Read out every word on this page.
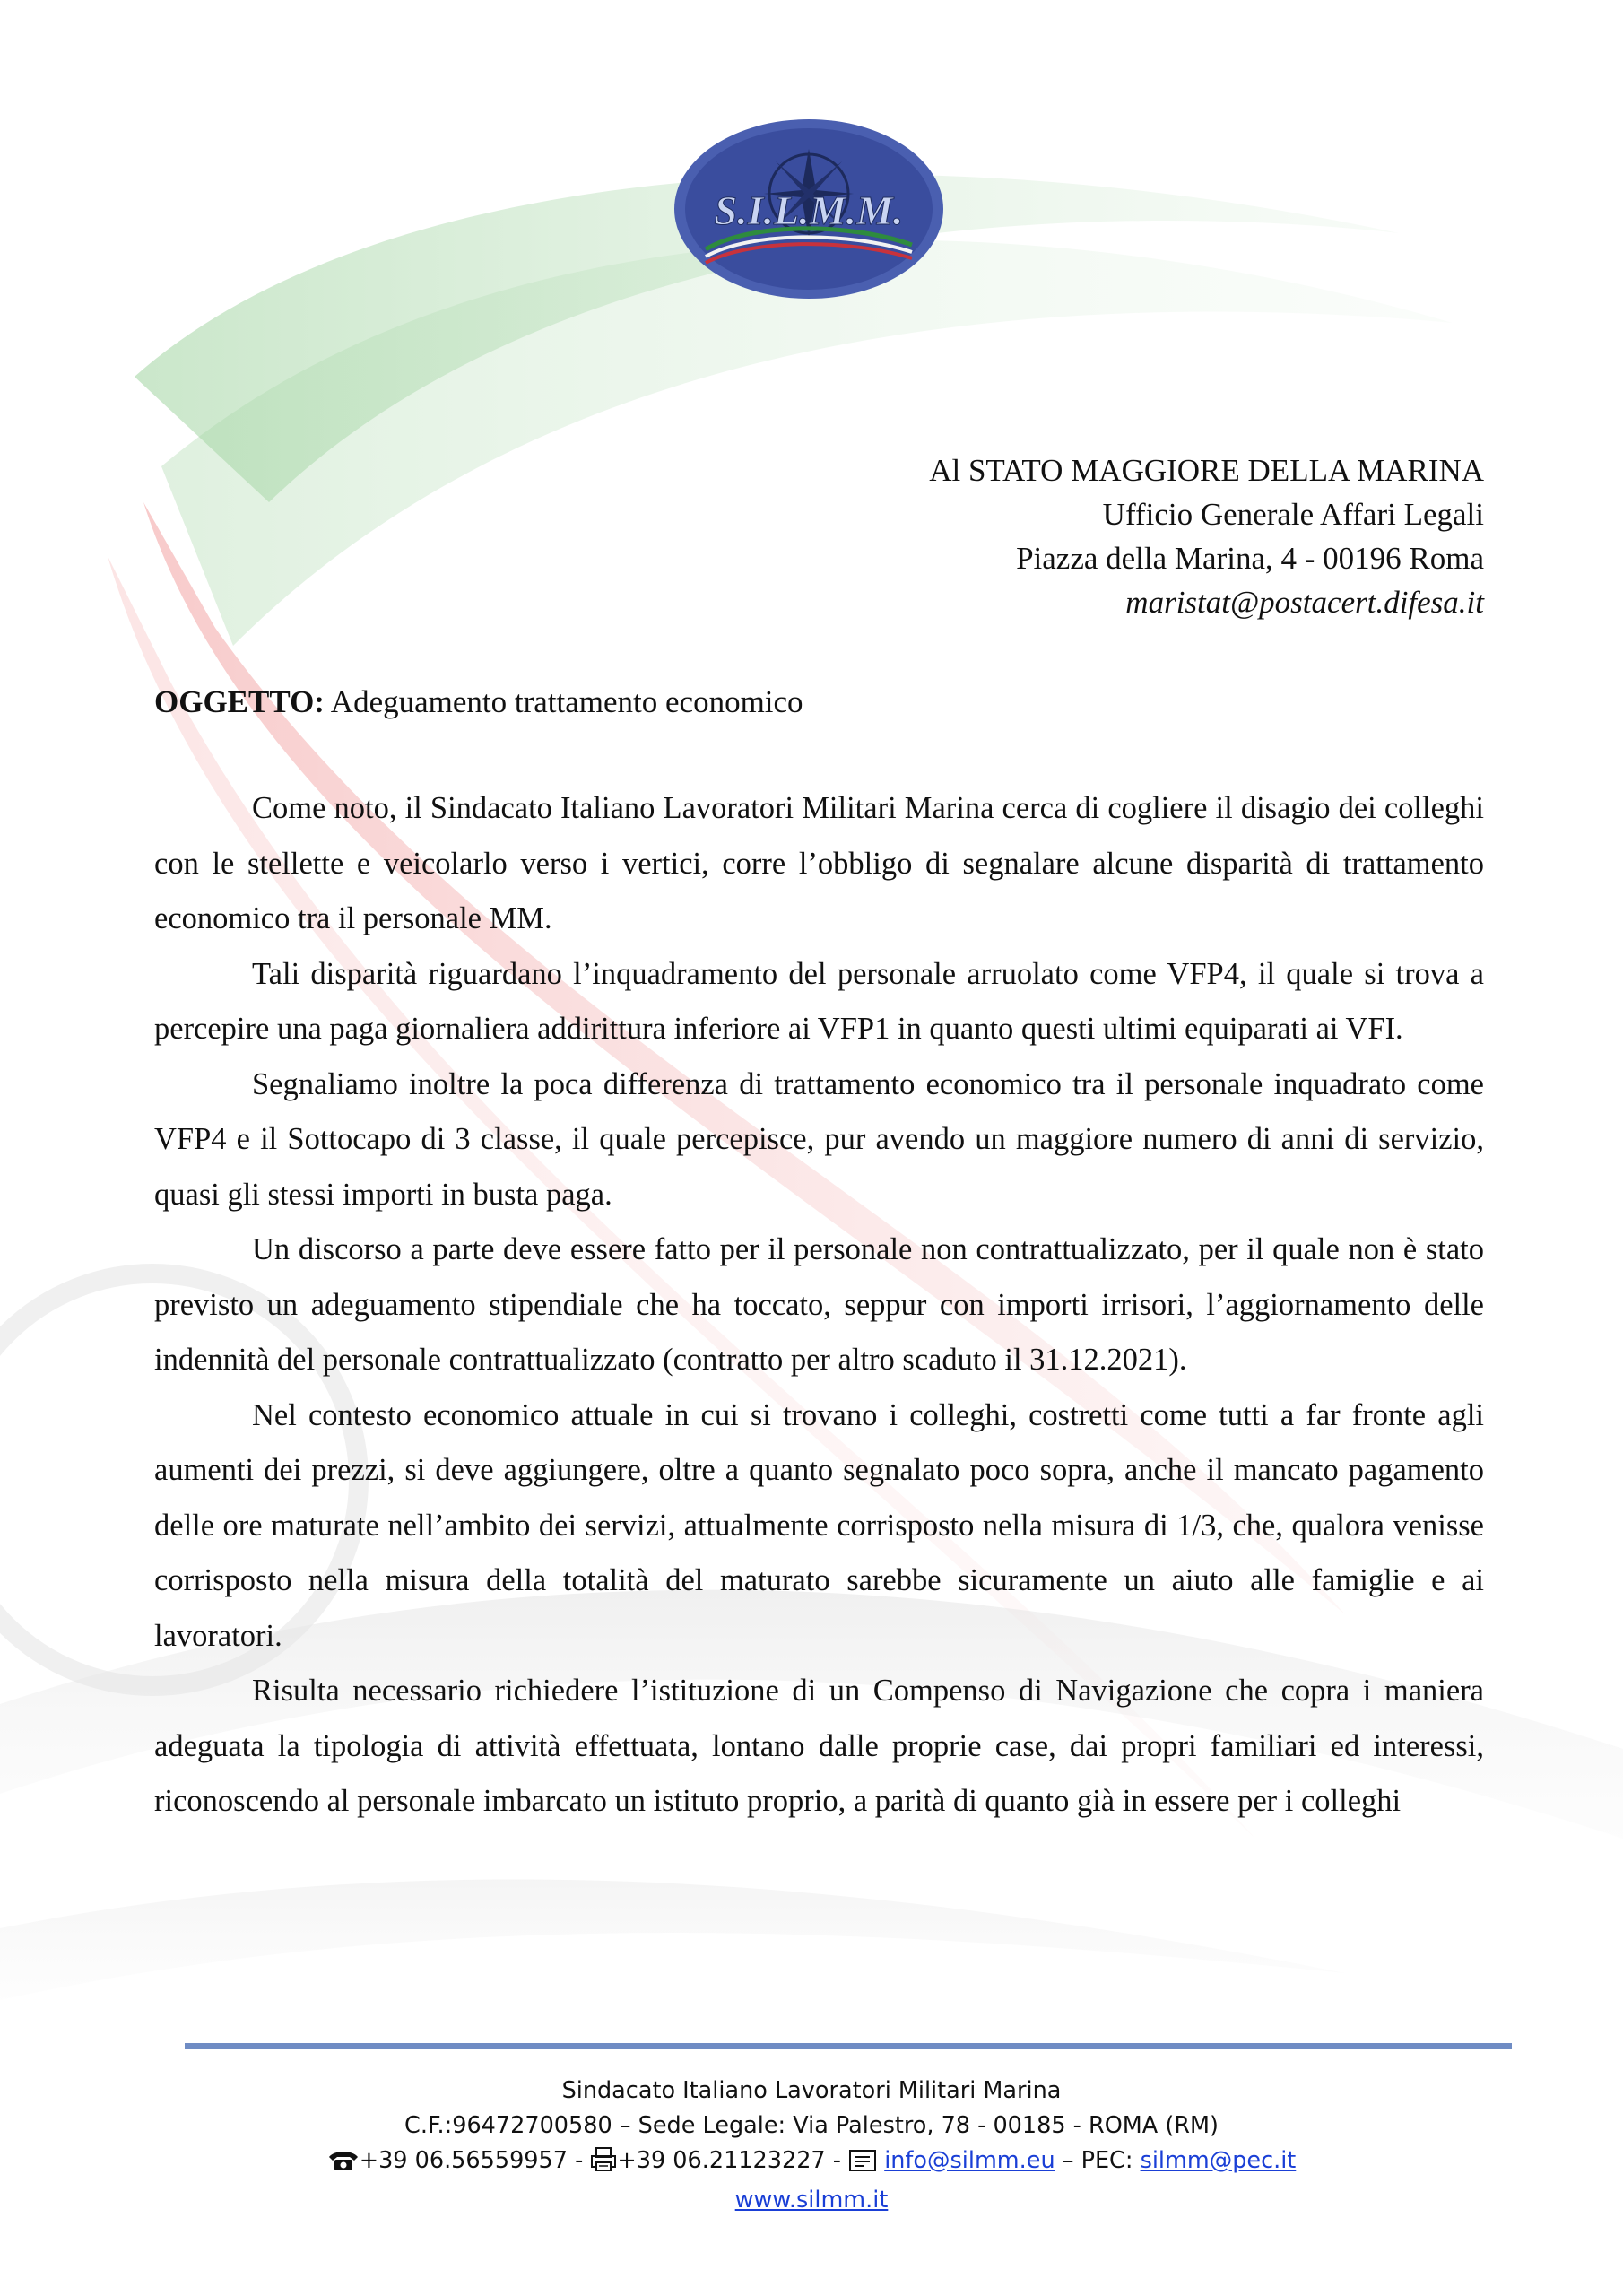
S.I.L.M.M.
Al STATO MAGGIORE DELLA MARINA
Ufficio Generale Affari Legali
Piazza della Marina, 4 - 00196 Roma
maristat@postacert.difesa.it
OGGETTO: Adeguamento trattamento economico

Come noto, il Sindacato Italiano Lavoratori Militari Marina cerca di cogliere il disagio dei colleghi con le stellette e veicolarlo verso i vertici, corre l’obbligo di segnalare alcune disparità di trattamento economico tra il personale MM.

Tali disparità riguardano l’inquadramento del personale arruolato come VFP4, il quale si trova a percepire una paga giornaliera addirittura inferiore ai VFP1 in quanto questi ultimi equiparati ai VFI.

Segnaliamo inoltre la poca differenza di trattamento economico tra il personale inquadrato come VFP4 e il Sottocapo di 3 classe, il quale percepisce, pur avendo un maggiore numero di anni di servizio, quasi gli stessi importi in busta paga.

Un discorso a parte deve essere fatto per il personale non contrattualizzato, per il quale non è stato previsto un adeguamento stipendiale che ha toccato, seppur con importi irrisori, l’aggiornamento delle indennità del personale contrattualizzato (contratto per altro scaduto il 31.12.2021).

Nel contesto economico attuale in cui si trovano i colleghi, costretti come tutti a far fronte agli aumenti dei prezzi, si deve aggiungere, oltre a quanto segnalato poco sopra, anche il mancato pagamento delle ore maturate nell’ambito dei servizi, attualmente corrisposto nella misura di 1/3, che, qualora venisse corrisposto nella misura della totalità del maturato sarebbe sicuramente un aiuto alle famiglie e ai lavoratori.

Risulta necessario richiedere l’istituzione di un Compenso di Navigazione che copra i maniera adeguata la tipologia di attività effettuata, lontano dalle proprie case, dai propri familiari ed interessi, riconoscendo al personale imbarcato un istituto proprio, a parità di quanto già in essere per i colleghi

Sindacato Italiano Lavoratori Militari Marina
C.F.:96472700580 – Sede Legale: Via Palestro, 78 - 00185 - ROMA (RM)
+39 06.56559957 - +39 06.21123227 -  info@silmm.eu – PEC: silmm@pec.it
www.silmm.it
